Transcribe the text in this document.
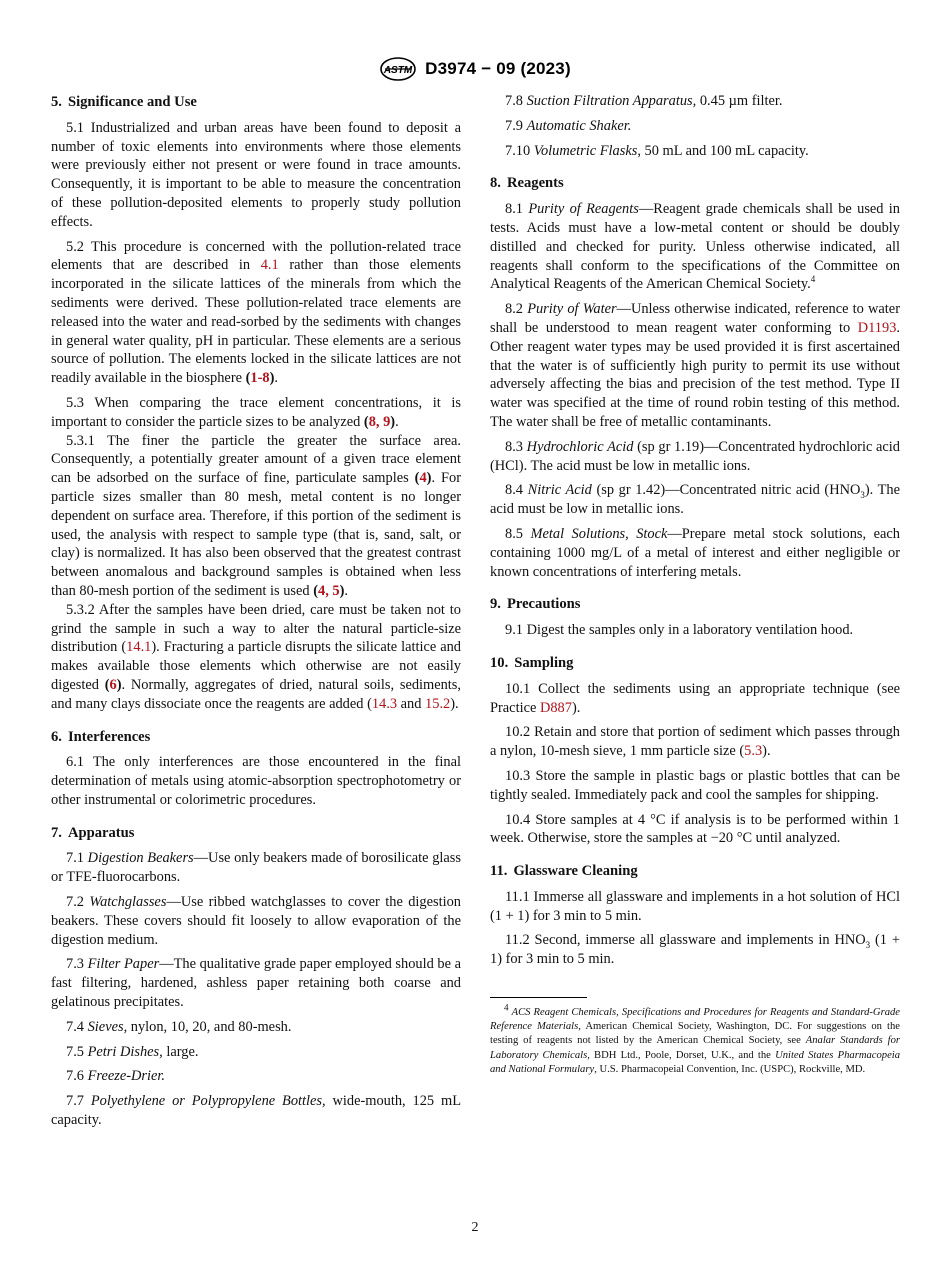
ASTM D3974 − 09 (2023)
5. Significance and Use

5.1 Industrialized and urban areas have been found to deposit a number of toxic elements into environments where those elements were previously either not present or were found in trace amounts. Consequently, it is important to be able to measure the concentration of these pollution-deposited elements to properly study pollution effects.

5.2 This procedure is concerned with the pollution-related trace elements that are described in 4.1 rather than those elements incorporated in the silicate lattices of the minerals from which the sediments were derived. These pollution-related trace elements are released into the water and read-sorbed by the sediments with changes in general water quality, pH in particular. These elements are a serious source of pollution. The elements locked in the silicate lattices are not readily available in the biosphere (1-8).

5.3 When comparing the trace element concentrations, it is important to consider the particle sizes to be analyzed (8, 9).

5.3.1 The finer the particle the greater the surface area. Consequently, a potentially greater amount of a given trace element can be adsorbed on the surface of fine, particulate samples (4). For particle sizes smaller than 80 mesh, metal content is no longer dependent on surface area. Therefore, if this portion of the sediment is used, the analysis with respect to sample type (that is, sand, salt, or clay) is normalized. It has also been observed that the greatest contrast between anomalous and background samples is obtained when less than 80-mesh portion of the sediment is used (4, 5).

5.3.2 After the samples have been dried, care must be taken not to grind the sample in such a way to alter the natural particle-size distribution (14.1). Fracturing a particle disrupts the silicate lattice and makes available those elements which otherwise are not easily digested (6). Normally, aggregates of dried, natural soils, sediments, and many clays dissociate once the reagents are added (14.3 and 15.2).

6. Interferences

6.1 The only interferences are those encountered in the final determination of metals using atomic-absorption spectrophotometry or other instrumental or colorimetric procedures.

7. Apparatus

7.1 Digestion Beakers—Use only beakers made of borosilicate glass or TFE-fluorocarbons.

7.2 Watchglasses—Use ribbed watchglasses to cover the digestion beakers. These covers should fit loosely to allow evaporation of the digestion medium.

7.3 Filter Paper—The qualitative grade paper employed should be a fast filtering, hardened, ashless paper retaining both coarse and gelatinous precipitates.

7.4 Sieves, nylon, 10, 20, and 80-mesh.

7.5 Petri Dishes, large.

7.6 Freeze-Drier.

7.7 Polyethylene or Polypropylene Bottles, wide-mouth, 125 mL capacity.

7.8 Suction Filtration Apparatus, 0.45 µm filter.

7.9 Automatic Shaker.

7.10 Volumetric Flasks, 50 mL and 100 mL capacity.

8. Reagents

8.1 Purity of Reagents—Reagent grade chemicals shall be used in tests. Acids must have a low-metal content or should be doubly distilled and checked for purity. Unless otherwise indicated, all reagents shall conform to the specifications of the Committee on Analytical Reagents of the American Chemical Society.$^4$

8.2 Purity of Water—Unless otherwise indicated, reference to water shall be understood to mean reagent water conforming to D1193. Other reagent water types may be used provided it is first ascertained that the water is of sufficiently high purity to permit its use without adversely affecting the bias and precision of the test method. Type II water was specified at the time of round robin testing of this method. The water shall be free of metallic contaminants.

8.3 Hydrochloric Acid (sp gr 1.19)—Concentrated hydrochloric acid (HCl). The acid must be low in metallic ions.

8.4 Nitric Acid (sp gr 1.42)—Concentrated nitric acid $(HNO_3)$. The acid must be low in metallic ions.

8.5 Metal Solutions, Stock—Prepare metal stock solutions, each containing 1000 mg/L of a metal of interest and either negligible or known concentrations of interfering metals.

9. Precautions

9.1 Digest the samples only in a laboratory ventilation hood.

10. Sampling

10.1 Collect the sediments using an appropriate technique (see Practice D887).

10.2 Retain and store that portion of sediment which passes through a nylon, 10-mesh sieve, 1 mm particle size (5.3).

10.3 Store the sample in plastic bags or plastic bottles that can be tightly sealed. Immediately pack and cool the samples for shipping.

10.4 Store samples at 4 °C if analysis is to be performed within 1 week. Otherwise, store the samples at −20 °C until analyzed.

11. Glassware Cleaning

11.1 Immerse all glassware and implements in a hot solution of HCl (1 + 1) for 3 min to 5 min.

11.2 Second, immerse all glassware and implements in $HNO_3$ (1 + 1) for 3 min to 5 min.

$^4$ ACS Reagent Chemicals, Specifications and Procedures for Reagents and Standard-Grade Reference Materials, American Chemical Society, Washington, DC. For suggestions on the testing of reagents not listed by the American Chemical Society, see Analar Standards for Laboratory Chemicals, BDH Ltd., Poole, Dorset, U.K., and the United States Pharmacopeia and National Formulary, U.S. Pharmacopeial Convention, Inc. (USPC), Rockville, MD.

2
